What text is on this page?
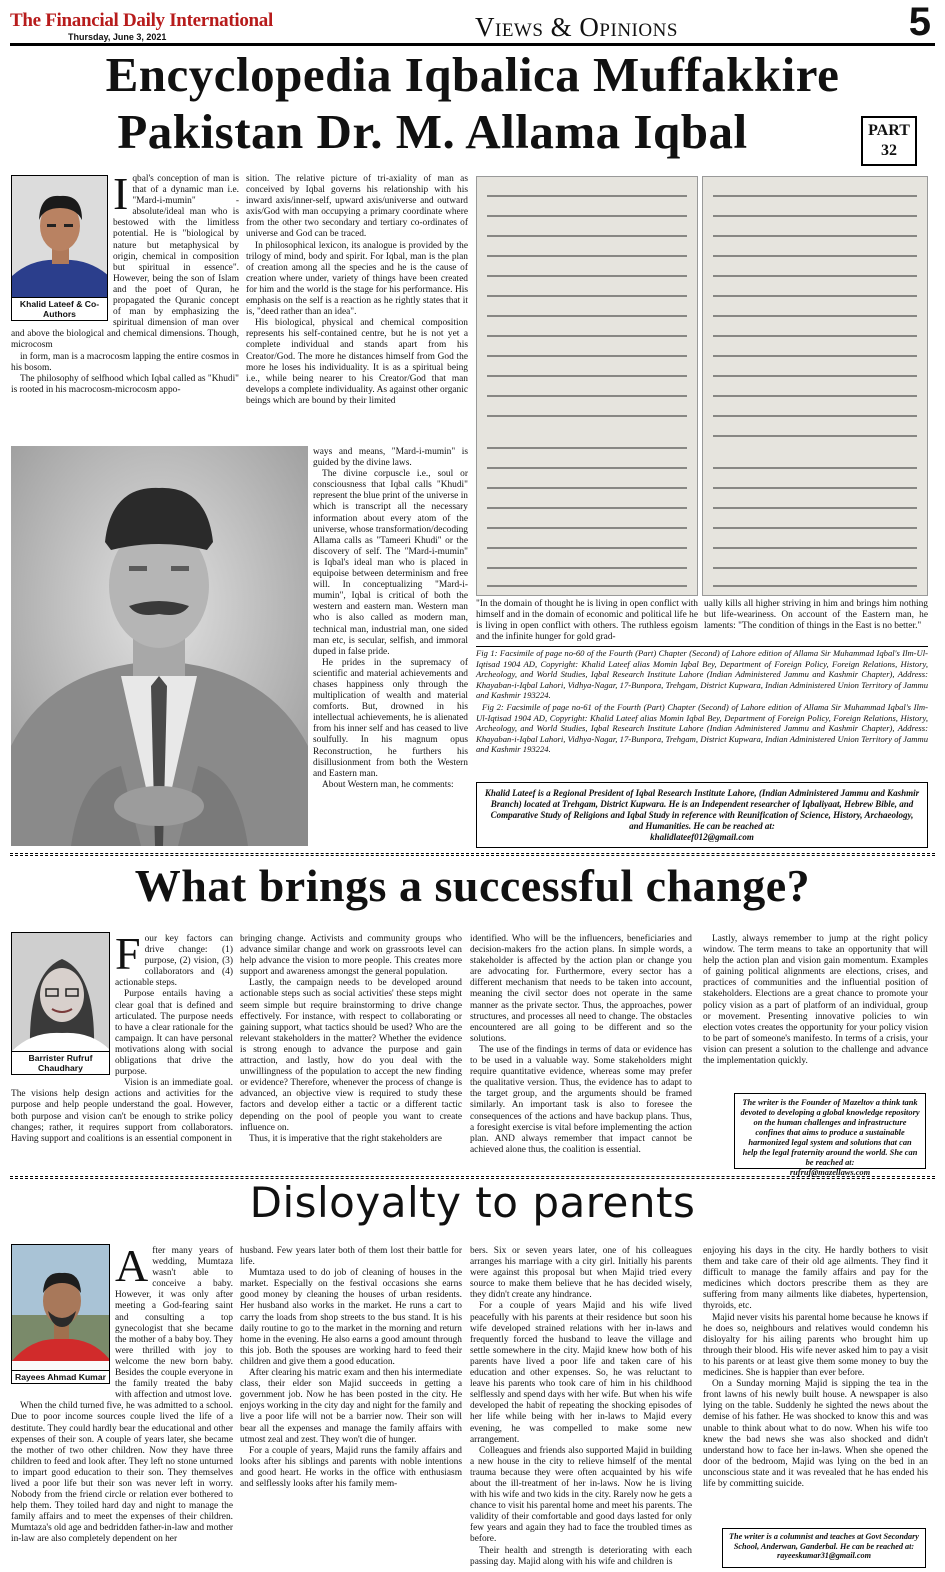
The Financial Daily International
Thursday, June 3, 2021	Views & Opinions	5
Encyclopedia Iqbalica Muffakkire
Pakistan Dr. M. Allama Iqbal	PART
32
Khalid Lateef & Co-Authors
I qbal's conception of man is that of a dynamic man i.e. "Mard-i-mumin" - absolute/ideal man who is bestowed with the limitless potential. He is "biological by nature but metaphysical by origin, chemical in composition but spiritual in essence". However, being the son of Islam and the poet of Quran, he propagated the Quranic concept of man by emphasizing the spiritual dimension of man over and above the biological and chemical dimensions. Though, microcosm

in form, man is a macrocosm lapping the entire cosmos in his bosom.

The philosophy of selfhood which Iqbal called as "Khudi" is rooted in his macrocosm-microcosm appo-

sition. The relative picture of tri-axiality of man as conceived by Iqbal governs his relationship with his inward axis/inner-self, upward axis/universe and outward axis/God with man occupying a primary coordinate where from the other two secondary and tertiary co-ordinates of universe and God can be traced.

In philosophical lexicon, its analogue is provided by the trilogy of mind, body and spirit. For Iqbal, man is the plan of creation among all the species and he is the cause of creation where under, variety of things have been created for him and the world is the stage for his performance. His emphasis on the self is a reaction as he rightly states that it is, "deed rather than an idea".

His biological, physical and chemical composition represents his self-contained centre, but he is not yet a complete individual and stands apart from his Creator/God. The more he distances himself from God the more he loses his individuality. It is as a spiritual being i.e., while being nearer to his Creator/God that man develops a complete individuality. As against other organic beings which are bound by their limited

ways and means, "Mard-i-mumin" is guided by the divine laws.

The divine corpuscle i.e., soul or consciousness that Iqbal calls "Khudi" represent the blue print of the universe in which is transcript all the necessary information about every atom of the universe, whose transformation/decoding Allama calls as "Tameeri Khudi" or the discovery of self. The "Mard-i-mumin" is Iqbal's ideal man who is placed in equipoise between determinism and free will. In conceptualizing "Mard-i-mumin", Iqbal is critical of both the western and eastern man. Western man who is also called as modern man, technical man, industrial man, one sided man etc, is secular, selfish, and immoral duped in false pride.

He prides in the supremacy of scientific and material achievements and chases happiness only through the multiplication of wealth and material comforts. But, drowned in his intellectual achievements, he is alienated from his inner self and has ceased to live soulfully. In his magnum opus Reconstruction, he furthers his disillusionment from both the Western and Eastern man.

About Western man, he comments:

"In the domain of thought he is living in open conflict with himself and in the domain of economic and political life he is living in open conflict with others. The ruthless egoism and the infinite hunger for gold grad-

ually kills all higher striving in him and brings him nothing but life-weariness. On account of the Eastern man, he laments: "The condition of things in the East is no better."

Fig 1: Facsimile of page no-60 of the Fourth (Part) Chapter (Second) of Lahore edition of Allama Sir Muhammad Iqbal's Ilm-Ul-Iqtisad 1904 AD, Copyright: Khalid Lateef alias Momin Iqbal Bey, Department of Foreign Policy, Foreign Relations, History, Archeology, and World Studies, Iqbal Research Institute Lahore (Indian Administered Jammu and Kashmir Chapter), Address: Khayaban-i-Iqbal Lahori, Vidhya-Nagar, 17-Bunpora, Trehgam, District Kupwara, Indian Administered Union Territory of Jammu and Kashmir 193224.

Fig 2: Facsimile of page no-61 of the Fourth (Part) Chapter (Second) of Lahore edition of Allama Sir Muhammad Iqbal's Ilm-Ul-Iqtisad 1904 AD, Copyright: Khalid Lateef alias Momin Iqbal Bey, Department of Foreign Policy, Foreign Relations, History, Archeology, and World Studies, Iqbal Research Institute Lahore (Indian Administered Jammu and Kashmir Chapter), Address: Khayaban-i-Iqbal Lahori, Vidhya-Nagar, 17-Bunpora, Trehgam, District Kupwara, Indian Administered Union Territory of Jammu and Kashmir 193224.

Khalid Lateef is a Regional President of Iqbal Research Institute Lahore, (Indian Administered Jammu and Kashmir Branch) located at Trehgam, District Kupwara. He is an Independent researcher of Iqbaliyaat, Hebrew Bible, and Comparative Study of Religions and Iqbal Study in reference with Reunification of Science, History, Archaeology, and Humanities. He can be reached at:
khalidlateef012@gmail.com
What brings a successful change?
Barrister Rufruf Chaudhary
F our key factors can drive change: (1) purpose, (2) vision, (3) collaborators and (4) actionable steps.

Purpose entails having a clear goal that is defined and articulated. The purpose needs to have a clear rationale for the campaign. It can have personal motivations along with social obligations that drive the purpose.

Vision is an immediate goal. The visions help design actions and activities for the purpose and help people understand the goal. However, both purpose and vision can't be enough to strike policy changes; rather, it requires support from collaborators. Having support and coalitions is an essential component in

bringing change. Activists and community groups who advance similar change and work on grassroots level can help advance the vision to more people. This creates more support and awareness amongst the general population.

Lastly, the campaign needs to be developed around actionable steps such as social activities' these steps might seem simple but require brainstorming to drive change effectively. For instance, with respect to collaborating or gaining support, what tactics should be used? Who are the relevant stakeholders in the matter? Whether the evidence is strong enough to advance the purpose and gain attraction, and lastly, how do you deal with the unwillingness of the population to accept the new finding or evidence? Therefore, whenever the process of change is advanced, an objective view is required to study these factors and develop either a tactic or a different tactic depending on the pool of people you want to create influence on.

Thus, it is imperative that the right stakeholders are

identified. Who will be the influencers, beneficiaries and decision-makers fro the action plans. In simple words, a stakeholder is affected by the action plan or change you are advocating for. Furthermore, every sector has a different mechanism that needs to be taken into account, meaning the civil sector does not operate in the same manner as the private sector. Thus, the approaches, power structures, and processes all need to change. The obstacles encountered are all going to be different and so the solutions.

The use of the findings in terms of data or evidence has to be used in a valuable way. Some stakeholders might require quantitative evidence, whereas some may prefer the qualitative version. Thus, the evidence has to adapt to the target group, and the arguments should be framed similarly. An important task is also to foresee the consequences of the actions and have backup plans. Thus, a foresight exercise is vital before implementing the action plan. AND always remember that impact cannot be achieved alone thus, the coalition is essential.

Lastly, always remember to jump at the right policy window. The term means to take an opportunity that will help the action plan and vision gain momentum. Examples of gaining political alignments are elections, crises, and practices of communities and the influential position of stakeholders. Elections are a great chance to promote your policy vision as a part of platform of an individual, group or movement. Presenting innovative policies to win election votes creates the opportunity for your policy vision to be part of someone's manifesto. In terms of a crisis, your vision can present a solution to the challenge and advance the implementation quickly.

The writer is the Founder of Mazeltov a think tank devoted to developing a global knowledge repository on the human challenges and infrastructure confines that aims to produce a sustainable harmonized legal system and solutions that can help the legal fraternity around the world. She can be reached at:
rufruf@mazellaws.com
Disloyalty to parents
Rayees Ahmad Kumar
A fter many years of wedding, Mumtaza wasn't able to conceive a baby. However, it was only after meeting a God-fearing saint and consulting a top gynecologist that she became the mother of a baby boy. They were thrilled with joy to welcome the new born baby. Besides the couple everyone in the family treated the baby with affection and utmost love.

When the child turned five, he was admitted to a school. Due to poor income sources couple lived the life of a destitute. They could hardly bear the educational and other expenses of their son. A couple of years later, she became the mother of two other children. Now they have three children to feed and look after. They left no stone unturned to impart good education to their son. They themselves lived a poor life but their son was never left in worry. Nobody from the friend circle or relation ever bothered to help them. They toiled hard day and night to manage the family affairs and to meet the expenses of their children. Mumtaza's old age and bedridden father-in-law and mother in-law are also completely dependent on her

husband. Few years later both of them lost their battle for life.

Mumtaza used to do job of cleaning of houses in the market. Especially on the festival occasions she earns good money by cleaning the houses of urban residents. Her husband also works in the market. He runs a cart to carry the loads from shop streets to the bus stand. It is his daily routine to go to the market in the morning and return home in the evening. He also earns a good amount through this job. Both the spouses are working hard to feed their children and give them a good education.

After clearing his matric exam and then his intermediate class, their elder son Majid succeeds in getting a government job. Now he has been posted in the city. He enjoys working in the city day and night for the family and live a poor life will not be a barrier now. Their son will bear all the expenses and manage the family affairs with utmost zeal and zest. They won't die of hunger.

For a couple of years, Majid runs the family affairs and looks after his siblings and parents with noble intentions and good heart. He works in the office with enthusiasm and selflessly looks after his family mem-

bers. Six or seven years later, one of his colleagues arranges his marriage with a city girl. Initially his parents were against this proposal but when Majid tried every source to make them believe that he has decided wisely, they didn't create any hindrance.

For a couple of years Majid and his wife lived peacefully with his parents at their residence but soon his wife developed strained relations with her in-laws and frequently forced the husband to leave the village and settle somewhere in the city. Majid knew how both of his parents have lived a poor life and taken care of his education and other expenses. So, he was reluctant to leave his parents who took care of him in his childhood selflessly and spend days with her wife. But when his wife developed the habit of repeating the shocking episodes of her life while being with her in-laws to Majid every evening, he was compelled to make some new arrangement.

Colleagues and friends also supported Majid in building a new house in the city to relieve himself of the mental trauma because they were often acquainted by his wife about the ill-treatment of her in-laws. Now he is living with his wife and two kids in the city. Rarely now he gets a chance to visit his parental home and meet his parents. The validity of their comfortable and good days lasted for only few years and again they had to face the troubled times as before.

Their health and strength is deteriorating with each passing day. Majid along with his wife and children is

enjoying his days in the city. He hardly bothers to visit them and take care of their old age ailments. They find it difficult to manage the family affairs and pay for the medicines which doctors prescribe them as they are suffering from many ailments like diabetes, hypertension, thyroids, etc.

Majid never visits his parental home because he knows if he does so, neighbours and relatives would condemn his disloyalty for his ailing parents who brought him up through their blood. His wife never asked him to pay a visit to his parents or at least give them some money to buy the medicines. She is happier than ever before.

On a Sunday morning Majid is sipping the tea in the front lawns of his newly built house. A newspaper is also lying on the table. Suddenly he sighted the news about the demise of his father. He was shocked to know this and was unable to think about what to do now. When his wife too knew the bad news she was also shocked and didn't understand how to face her in-laws. When she opened the door of the bedroom, Majid was lying on the bed in an unconscious state and it was revealed that he has ended his life by committing suicide.

The writer is a columnist and teaches at Govt Secondary School, Anderwan, Ganderbal. He can be reached at: rayeeskumar31@gmail.com
